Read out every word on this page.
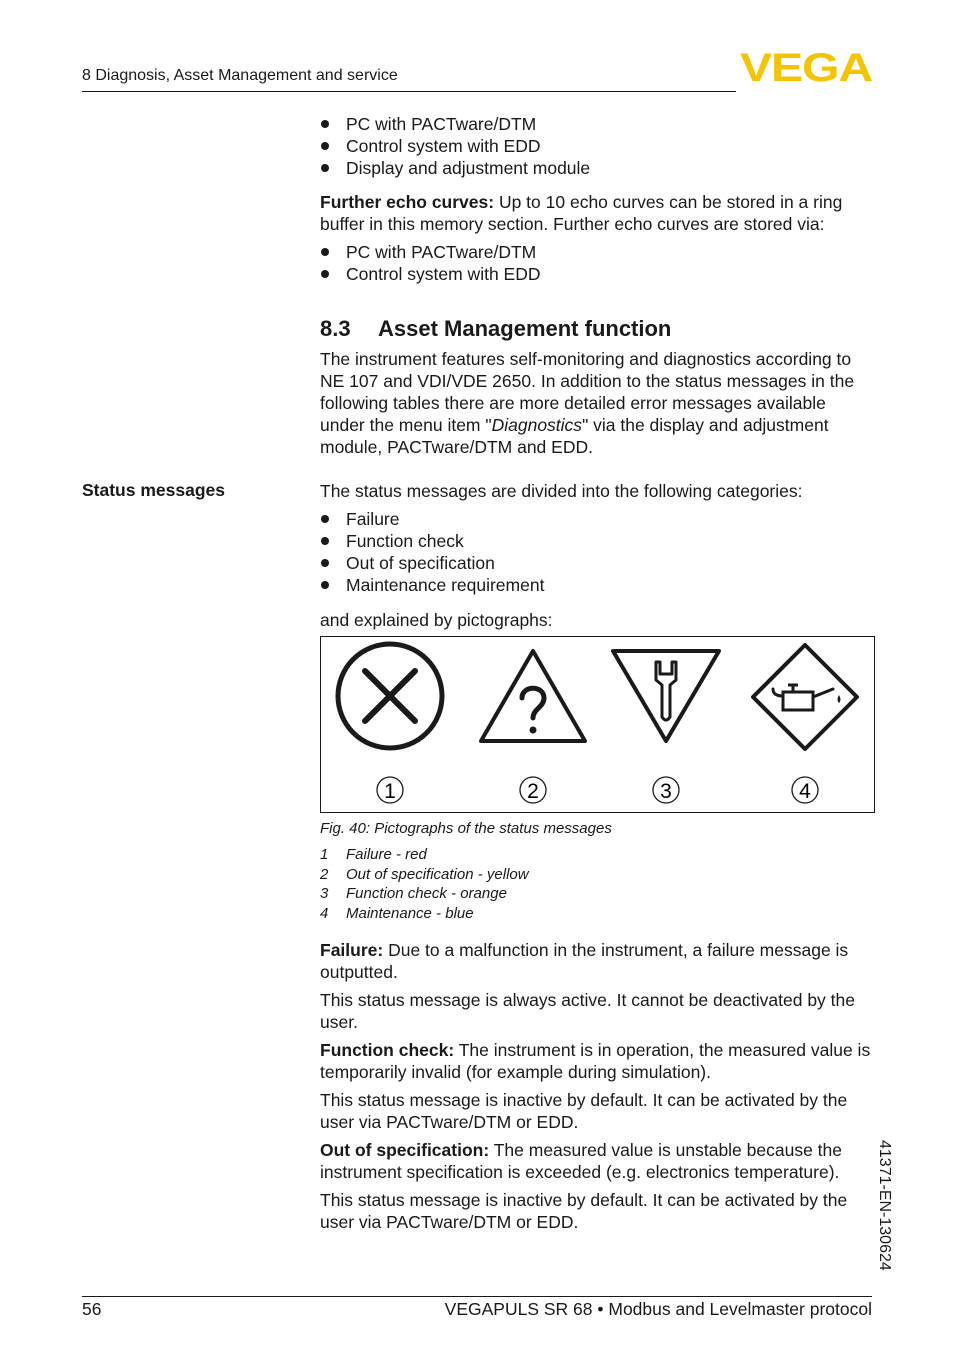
8 Diagnosis, Asset Management and service	VEGA
PC with PACTware/DTM
Control system with EDD
Display and adjustment module

Further echo curves: Up to 10 echo curves can be stored in a ring buffer in this memory section. Further echo curves are stored via:

PC with PACTware/DTM
Control system with EDD
8.3 Asset Management function

The instrument features self-monitoring and diagnostics according to NE 107 and VDI/VDE 2650. In addition to the status messages in the following tables there are more detailed error messages available under the menu item "Diagnostics" via the display and adjustment module, PACTware/DTM and EDD.

Status messages	The status messages are divided into the following categories:

Failure
Function check
Out of specification
Maintenance requirement

and explained by pictographs:

1	2	3	4
Fig. 40: Pictographs of the status messages
1 Failure - red
2 Out of specification - yellow
3 Function check - orange
4 Maintenance - blue

Failure: Due to a malfunction in the instrument, a failure message is outputted.

This status message is always active. It cannot be deactivated by the user.

Function check: The instrument is in operation, the measured value is temporarily invalid (for example during simulation).

This status message is inactive by default. It can be activated by the user via PACTware/DTM or EDD.

Out of specification: The measured value is unstable because the instrument specification is exceeded (e.g. electronics temperature).

This status message is inactive by default. It can be activated by the user via PACTware/DTM or EDD.	41371-EN-130624
56	VEGAPULS SR 68 • Modbus and Levelmaster protocol
